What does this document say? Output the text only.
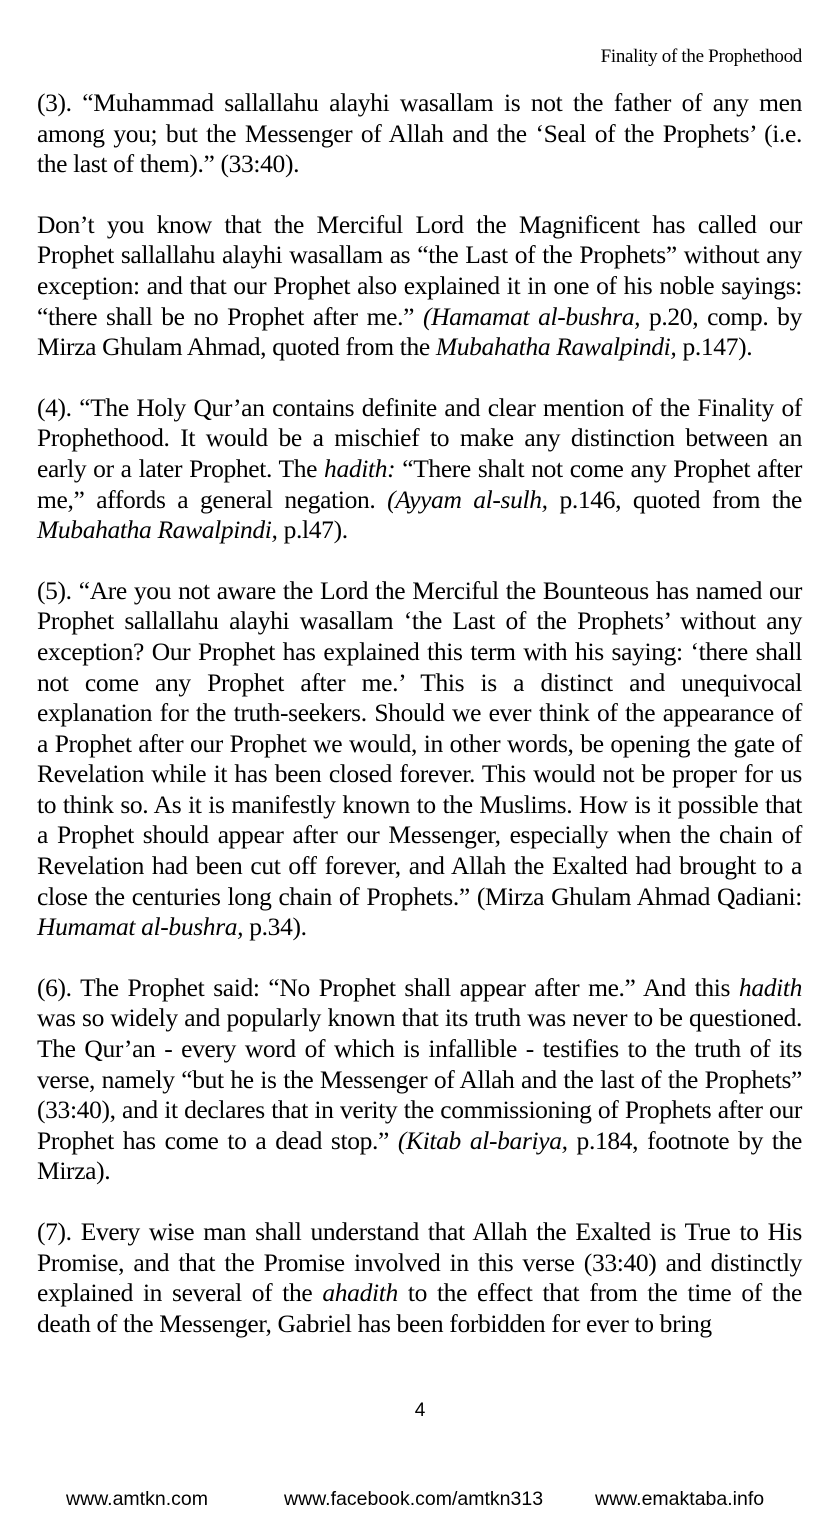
Finality of the Prophethood

(3). “Muhammad sallallahu alayhi wasallam is not the father of any men among you; but the Messenger of Allah and the ‘Seal of the Prophets’ (i.e. the last of them).” (33:40).

Don’t you know that the Merciful Lord the Magnificent has called our Prophet sallallahu alayhi wasallam as “the Last of the Prophets” without any exception: and that our Prophet also explained it in one of his noble sayings: “there shall be no Prophet after me.” (Hamamat al-bushra, p.20, comp. by Mirza Ghulam Ahmad, quoted from the Mubahatha Rawalpindi, p.147).

(4). “The Holy Qur’an contains definite and clear mention of the Finality of Prophethood. It would be a mischief to make any distinction between an early or a later Prophet. The hadith: “There shalt not come any Prophet after me,” affords a general negation. (Ayyam al-sulh, p.146, quoted from the Mubahatha Rawalpindi, p.l47).

(5). “Are you not aware the Lord the Merciful the Bounteous has named our Prophet sallallahu alayhi wasallam ‘the Last of the Prophets’ without any exception? Our Prophet has explained this term with his saying: ‘there shall not come any Prophet after me.’ This is a distinct and unequivocal explanation for the truth-seekers. Should we ever think of the appearance of a Prophet after our Prophet we would, in other words, be opening the gate of Revelation while it has been closed forever. This would not be proper for us to think so. As it is manifestly known to the Muslims. How is it possible that a Prophet should appear after our Messenger, especially when the chain of Revelation had been cut off forever, and Allah the Exalted had brought to a close the centuries long chain of Prophets.” (Mirza Ghulam Ahmad Qadiani: Humamat al-bushra, p.34).

(6). The Prophet said: “No Prophet shall appear after me.” And this hadith was so widely and popularly known that its truth was never to be questioned. The Qur’an - every word of which is infallible - testifies to the truth of its verse, namely “but he is the Messenger of Allah and the last of the Prophets” (33:40), and it declares that in verity the commissioning of Prophets after our Prophet has come to a dead stop.” (Kitab al-bariya, p.184, footnote by the Mirza).

(7). Every wise man shall understand that Allah the Exalted is True to His Promise, and that the Promise involved in this verse (33:40) and distinctly explained in several of the ahadith to the effect that from the time of the death of the Messenger, Gabriel has been forbidden for ever to bring

4
www.amtkn.com	www.facebook.com/amtkn313	www.emaktaba.info
